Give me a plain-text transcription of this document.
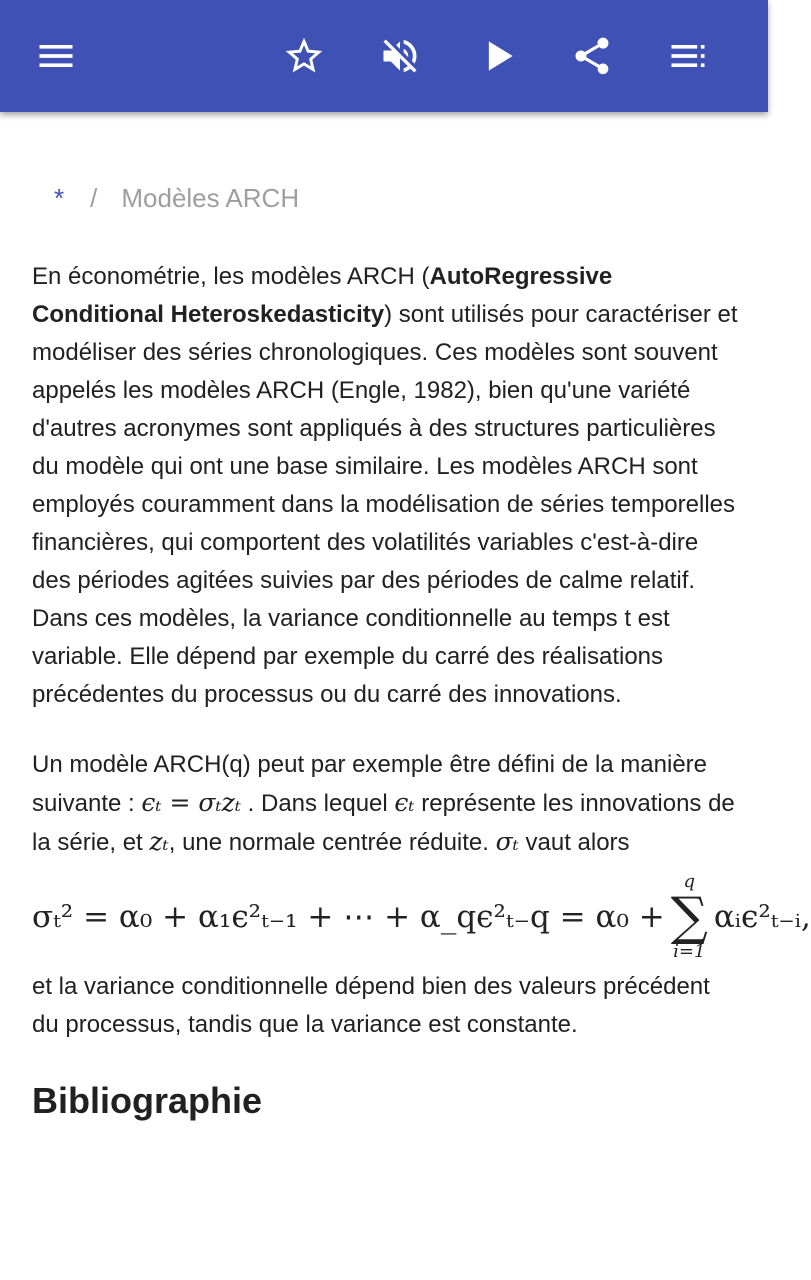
* / Modèles ARCH

En économétrie, les modèles ARCH (AutoRegressive Conditional Heteroskedasticity) sont utilisés pour caractériser et modéliser des séries chronologiques. Ces modèles sont souvent appelés les modèles ARCH (Engle, 1982), bien qu'une variété d'autres acronymes sont appliqués à des structures particulières du modèle qui ont une base similaire. Les modèles ARCH sont employés couramment dans la modélisation de séries temporelles financières, qui comportent des volatilités variables c'est-à-dire des périodes agitées suivies par des périodes de calme relatif. Dans ces modèles, la variance conditionnelle au temps t est variable. Elle dépend par exemple du carré des réalisations précédentes du processus ou du carré des innovations.

Un modèle ARCH(q) peut par exemple être défini de la manière suivante : ϵₜ = σₜzₜ . Dans lequel ϵₜ représente les innovations de la série, et zₜ, une normale centrée réduite. σₜ vaut alors

σₜ² = α₀ + α₁ϵ²ₜ₋₁ + ⋯ + α_qϵ²ₜ₋q = α₀ +
q
∑
i=1
αᵢϵ²ₜ₋ᵢ,

et la variance conditionnelle dépend bien des valeurs précédent du processus, tandis que la variance est constante.

Bibliographie
